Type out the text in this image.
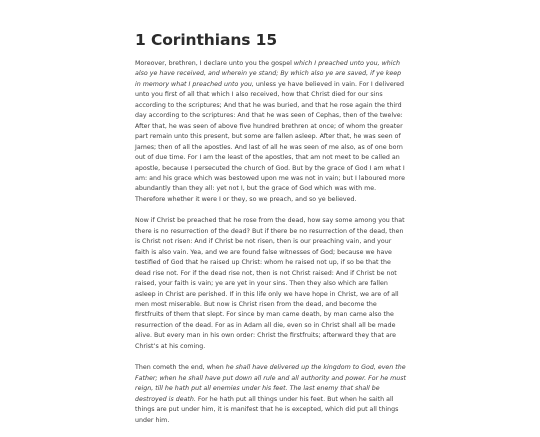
1 Corinthians 15

Moreover, brethren, I declare unto you the gospel which I preached unto you, which also ye have received, and wherein ye stand; By which also ye are saved, if ye keep in memory what I preached unto you, unless ye have believed in vain. For I delivered unto you first of all that which I also received, how that Christ died for our sins according to the scriptures; And that he was buried, and that he rose again the third day according to the scriptures: And that he was seen of Cephas, then of the twelve: After that, he was seen of above five hundred brethren at once; of whom the greater part remain unto this present, but some are fallen asleep. After that, he was seen of James; then of all the apostles. And last of all he was seen of me also, as of one born out of due time. For I am the least of the apostles, that am not meet to be called an apostle, because I persecuted the church of God. But by the grace of God I am what I am: and his grace which was bestowed upon me was not in vain; but I laboured more abundantly than they all: yet not I, but the grace of God which was with me. Therefore whether it were I or they, so we preach, and so ye believed.

Now if Christ be preached that he rose from the dead, how say some among you that there is no resurrection of the dead? But if there be no resurrection of the dead, then is Christ not risen: And if Christ be not risen, then is our preaching vain, and your faith is also vain. Yea, and we are found false witnesses of God; because we have testified of God that he raised up Christ: whom he raised not up, if so be that the dead rise not. For if the dead rise not, then is not Christ raised: And if Christ be not raised, your faith is vain; ye are yet in your sins. Then they also which are fallen asleep in Christ are perished. If in this life only we have hope in Christ, we are of all men most miserable. But now is Christ risen from the dead, and become the firstfruits of them that slept. For since by man came death, by man came also the resurrection of the dead. For as in Adam all die, even so in Christ shall all be made alive. But every man in his own order: Christ the firstfruits; afterward they that are Christ’s at his coming.

Then cometh the end, when he shall have delivered up the kingdom to God, even the Father; when he shall have put down all rule and all authority and power. For he must reign, till he hath put all enemies under his feet. The last enemy that shall be destroyed is death. For he hath put all things under his feet. But when he saith all things are put under him, it is manifest that he is excepted, which did put all things under him.
